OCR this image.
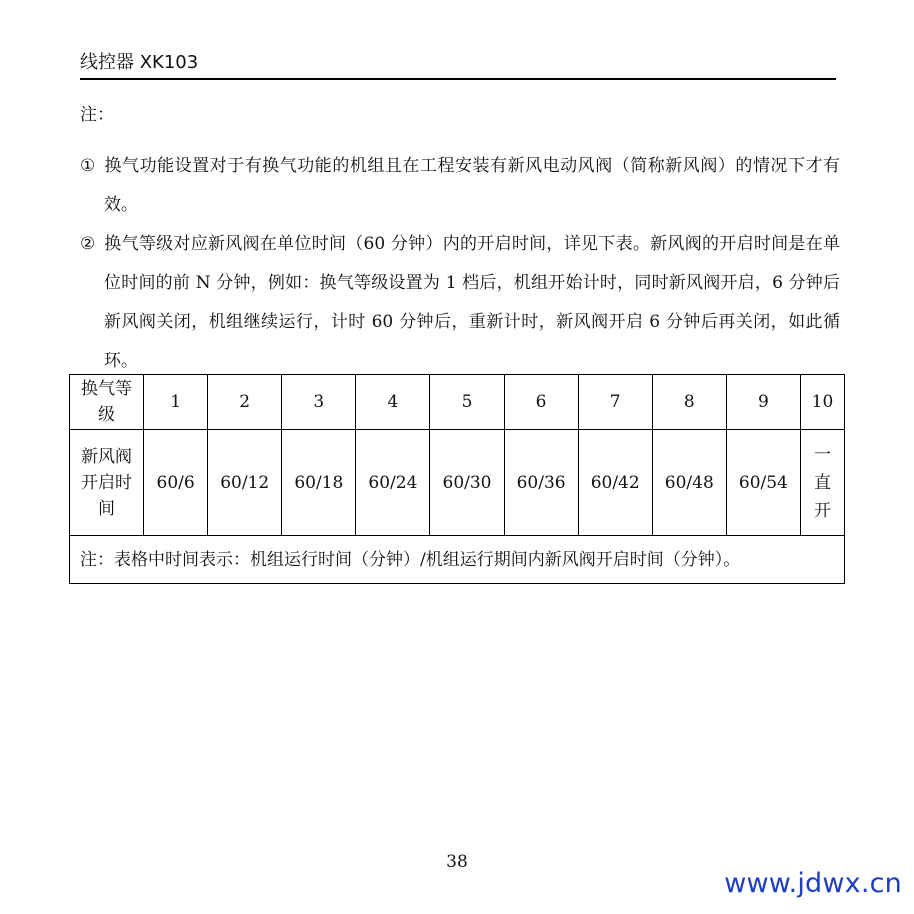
线控器 XK103

注：

① 换气功能设置对于有换气功能的机组且在工程安装有新风电动风阀（简称新风阀）的情况下才有效。

② 换气等级对应新风阀在单位时间（60 分钟）内的开启时间，详见下表。新风阀的开启时间是在单位时间的前 N 分钟，例如：换气等级设置为 1 档后，机组开始计时，同时新风阀开启，6 分钟后新风阀关闭，机组继续运行，计时 60 分钟后，重新计时，新风阀开启 6 分钟后再关闭，如此循环。

换气等级	1	2	3	4	5	6	7	8	9	10
新风阀开启时间	60/6	60/12	60/18	60/24	60/30	60/36	60/42	60/48	60/54	一直开
注：表格中时间表示：机组运行时间（分钟）/机组运行期间内新风阀开启时间（分钟）。										
38
www.jdwx.cn
